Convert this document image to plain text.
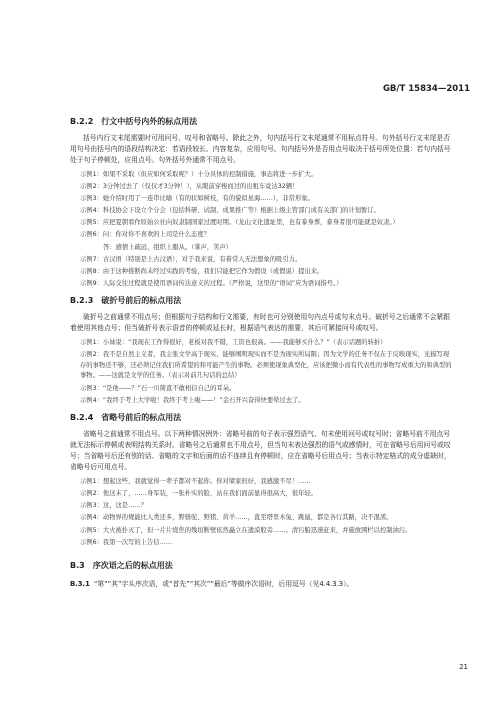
GB/T 15834—2011
B.2.2　行文中括号内外的标点用法

括号内行文末尾需要时可用问号、叹号和省略号。除此之外，句内括号行文末尾通常不用标点符号。句外括号行文末尾是否用句号由括号内的语段结构决定：若语段较长、内容复杂，应用句号。句内括号外是否用点号取决于括号所处位置：若句内括号处于句子停顿处，应用点号。句外括号外通常不用点号。

示例1：如果不采取（但应如何采取呢？）十分具体的控制措施，事态将进一步扩大。
示例2：3分钟过去了（仅仅才3分钟！），从眼前穿梭而过的出租车竟达32辆！
示例3：她介绍时用了一连串比喻（有的状如树枝，有的貌似星海……），非常形象。
示例4：科技协会下设立个分会（包括科研、试制、成果推广等）根据上级主管部门成有关部门的计划暂订。
示例5：应把夏朝看作原始公社向奴隶制国家过渡时期。（龙山文化遗址里，也有豢身葬，豢身者很可能就是奴隶。）
示例6：问：你对你不喜欢的上司是什么态度？
答：感情上疏远，组织上服从。（掌声，笑声）
示例7：古汉语（特别是上古汉语），对于我来说，有着常人无法想象的吸引力。
示例8：由于这种推断尚未经过实践的考验，我们只能把它作为假设（或假说）提出来。
示例9：人际交往过程就是使用语词传达意义的过程。（严格说，这里的“语词”应为语词指号。）
B.2.3　破折号前后的标点用法

破折号之前通常不用点号；但根据句子结构和行文需要，有时也可分别使用句内点号或句末点号。破折号之后通常不会紧跟着使用其他点号；但当破折号表示语音的停顿或延长时，根据语气表达的需要，其后可紧接问号或叹号。

示例1：小妹说：“我现在工作得很好，老板对我不错，工资也很高。——我能够买什么？”（表示话题的转折）
示例2：我不是自然主义者，我主张文学高于现实，能够阐明现实而不是为现实所局限；因为文学的任务不仅在于反映现实，光描写现存的事物还不够，还必须记住我们所希望的和可能产生的事物。必须使现象典型化，应该把微小而有代表性的事物写成重大的和典型的事物。——这就是文学的任务。（表示对前几句话的总结）
示例3：“是他——？”石一川简直不敢相信自己的耳朵。
示例4：“我终于考上大学啦！我终于考上啦——！”金石开兴奋得快要晕过去了。
B.2.4　省略号前后的标点用法

省略号之前通常不用点号。以下两种情况例外：省略号前的句子表示强烈语气、句末使用问号或叹号时；省略号前不用点号就无法标示停顿或表明结构关系时。省略号之后通常也不用点号，但当句末表达强烈的语气或感情时，可在省略号后用问号或叹号；当省略号后还有别的话、省略的文字和后面的话不连续且有停顿时，应在省略号后用点号；当表示特定格式的成分虚缺时，省略号后可用点号。

示例1：想起这些，我就觉得一辈子都对不起你。你对梁家的好，我感激不尽！……
示例2：他这末了，……身军装，一张朴实的脸，站在我们面前显得很高大，很年轻。
示例3：这，这是……？
示例4：动物界的规能比人类还多，野骆驼、野猪、黄羊……，直至塔里木兔、跳鼠，都是各行其路，决不混淆。
示例5：大火被扑灭了，但一片片烧焦的残垣断壁依然矗立在遗漠般旁……。清污船迅速赶来，并施放围栏以控制油污。
示例6：我第一次写的上告信……
B.3　序次语之后的标点用法

B.3.1 “第”“其”字头序次语，或“首先”“其次”“最后”等做序次语时，后用逗号（见4.4.3.3）。

21
